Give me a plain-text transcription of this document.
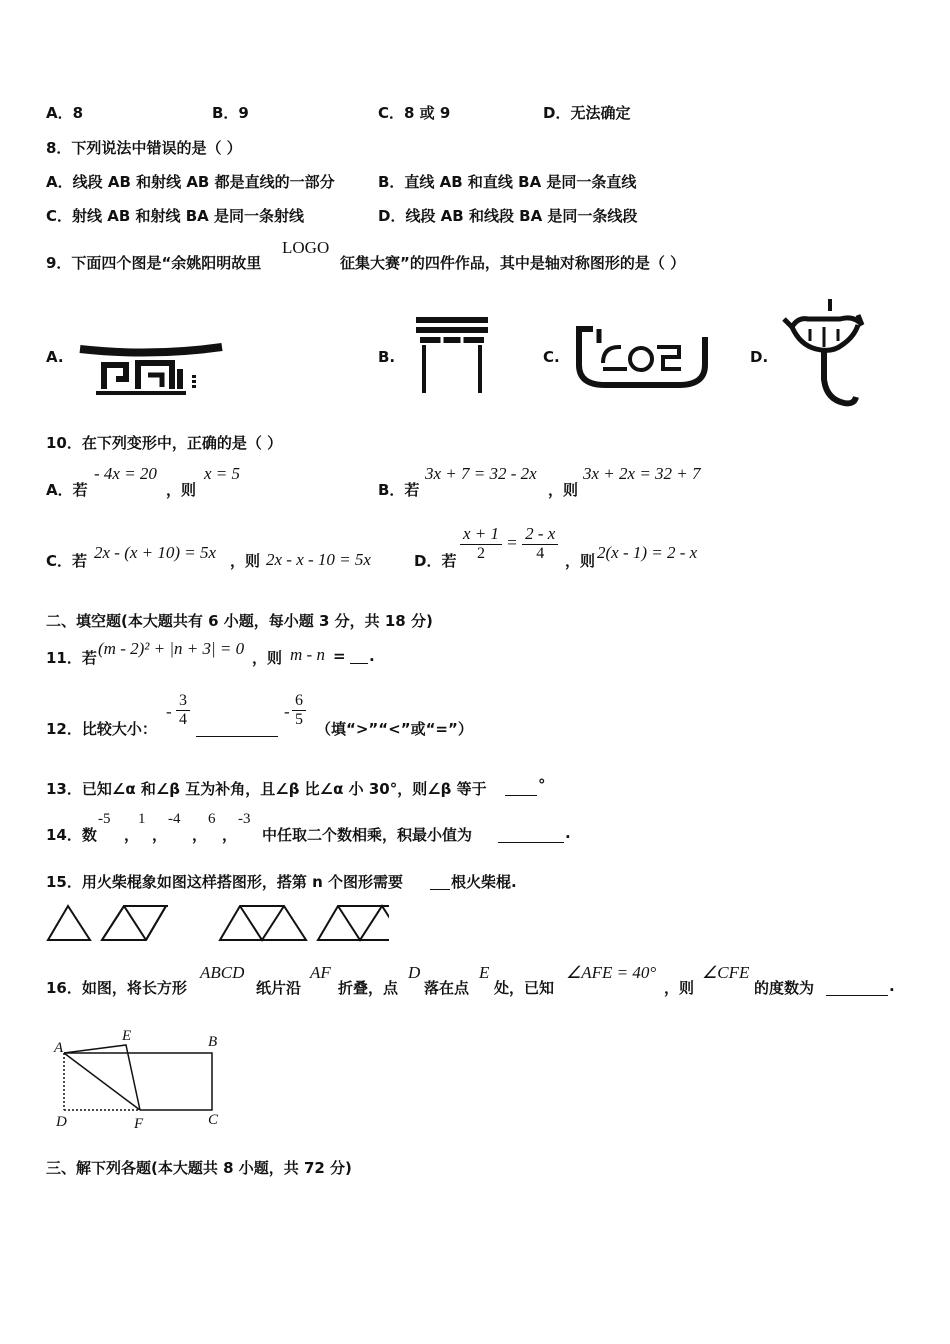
A．8	B．9	C．8 或 9	D．无法确定
8．下列说法中错误的是（ ）
A．线段 AB 和射线 AB 都是直线的一部分	B．直线 AB 和直线 BA 是同一条直线
C．射线 AB 和射线 BA 是同一条射线	D．线段 AB 和线段 BA 是同一条线段
9．下面四个图是“余姚阳明故里
LOGO
征集大赛”的四件作品，其中是轴对称图形的是（ ）
A.	B.	C.	D.
10．在下列变形中，正确的是（ ）
A．若
- 4x = 20
，则
x = 5
B．若
3x + 7 = 32 - 2x
，则
3x + 2x = 32 + 7
C．若 2x - (x + 10) = 5x ，则 2x - x - 10 = 5x	D．若 $\frac{x + 1}{2} = \frac{2 - x}{4}$ ，则 2(x - 1) = 2 - x
二、填空题(本大题共有 6 小题，每小题 3 分，共 18 分)
11．若 (m - 2)² + |n + 3| = 0 ，则 m - n = .
12．比较大小：
- $\frac{3}{4}$	- $\frac{6}{5}$ （填“>”“<”或“=”）
13．已知∠α 和∠β 互为补角，且∠β 比∠α 小 30°，则∠β 等于	°
14．数
-5
，
1
，
-4
，
6
，
-3
中任取二个数相乘，积最小值为	.
15．用火柴棍象如图这样搭图形，搭第 n 个图形需要	根火柴棍.
16．如图，将长方形
ABCD
纸片沿
AF
折叠，点
D
落在点
E
处，已知
∠AFE = 40°
，则
∠CFE
的度数为	.
A
E	B
D	F	C
三、解下列各题(本大题共 8 小题，共 72 分)
